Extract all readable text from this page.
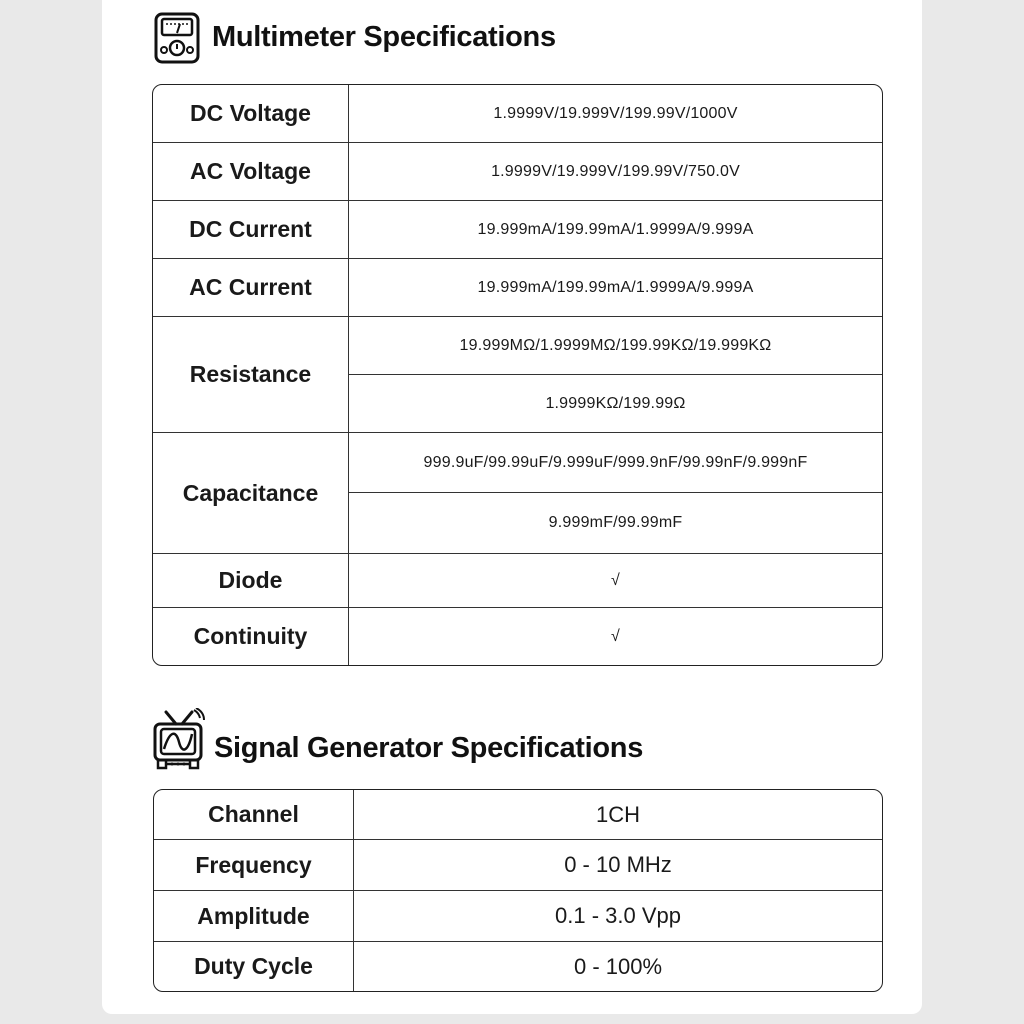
Multimeter Specifications
DC Voltage	1.9999V/19.999V/199.99V/1000V
AC Voltage	1.9999V/19.999V/199.99V/750.0V
DC Current	19.999mA/199.99mA/1.9999A/9.999A
AC Current	19.999mA/199.99mA/1.9999A/9.999A
Resistance	19.999MΩ/1.9999MΩ/199.99KΩ/19.999KΩ
	1.9999KΩ/199.99Ω
Capacitance	999.9uF/99.99uF/9.999uF/999.9nF/99.99nF/9.999nF
	9.999mF/99.99mF
Diode	√
Continuity	√
Signal Generator Specifications
Channel	1CH
Frequency	0 - 10 MHz
Amplitude	0.1 - 3.0 Vpp
Duty Cycle	0 - 100%
